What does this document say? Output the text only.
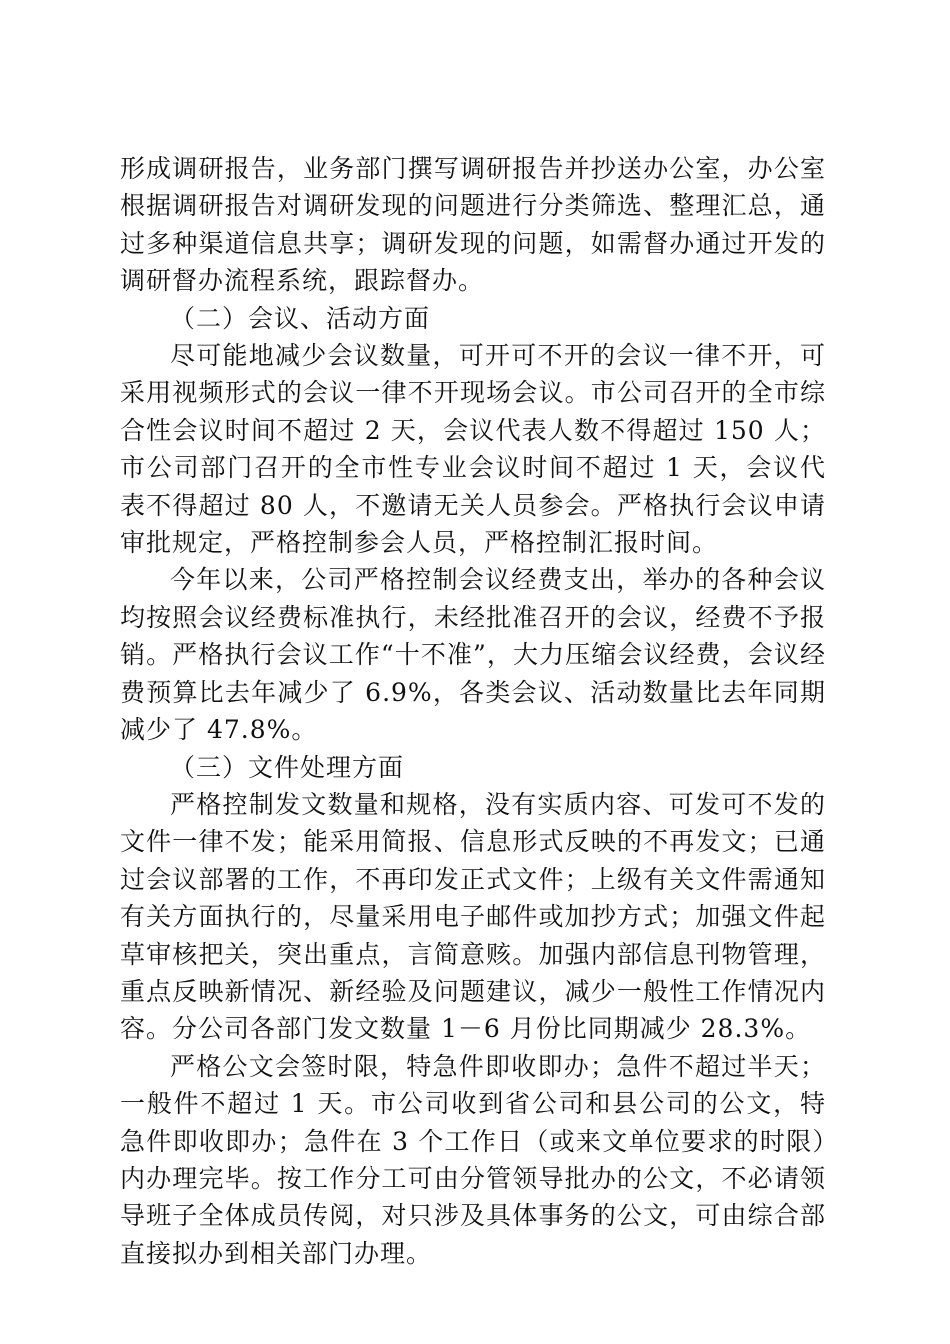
形成调研报告，业务部门撰写调研报告并抄送办公室，办公室根据调研报告对调研发现的问题进行分类筛选、整理汇总，通过多种渠道信息共享；调研发现的问题，如需督办通过开发的调研督办流程系统，跟踪督办。

（二）会议、活动方面

尽可能地减少会议数量，可开可不开的会议一律不开，可采用视频形式的会议一律不开现场会议。市公司召开的全市综合性会议时间不超过 2 天，会议代表人数不得超过 150 人；市公司部门召开的全市性专业会议时间不超过 1 天，会议代表不得超过 80 人，不邀请无关人员参会。严格执行会议申请审批规定，严格控制参会人员，严格控制汇报时间。

今年以来，公司严格控制会议经费支出，举办的各种会议均按照会议经费标准执行，未经批准召开的会议，经费不予报销。严格执行会议工作“十不准”，大力压缩会议经费，会议经费预算比去年减少了 6.9%，各类会议、活动数量比去年同期减少了 47.8%。

（三）文件处理方面

严格控制发文数量和规格，没有实质内容、可发可不发的文件一律不发；能采用简报、信息形式反映的不再发文；已通过会议部署的工作，不再印发正式文件；上级有关文件需通知有关方面执行的，尽量采用电子邮件或加抄方式；加强文件起草审核把关，突出重点，言简意赅。加强内部信息刊物管理，重点反映新情况、新经验及问题建议，减少一般性工作情况内容。分公司各部门发文数量 1－6 月份比同期减少 28.3%。

严格公文会签时限，特急件即收即办；急件不超过半天；一般件不超过 1 天。市公司收到省公司和县公司的公文，特急件即收即办；急件在 3 个工作日（或来文单位要求的时限）内办理完毕。按工作分工可由分管领导批办的公文，不必请领导班子全体成员传阅，对只涉及具体事务的公文，可由综合部直接拟办到相关部门办理。
